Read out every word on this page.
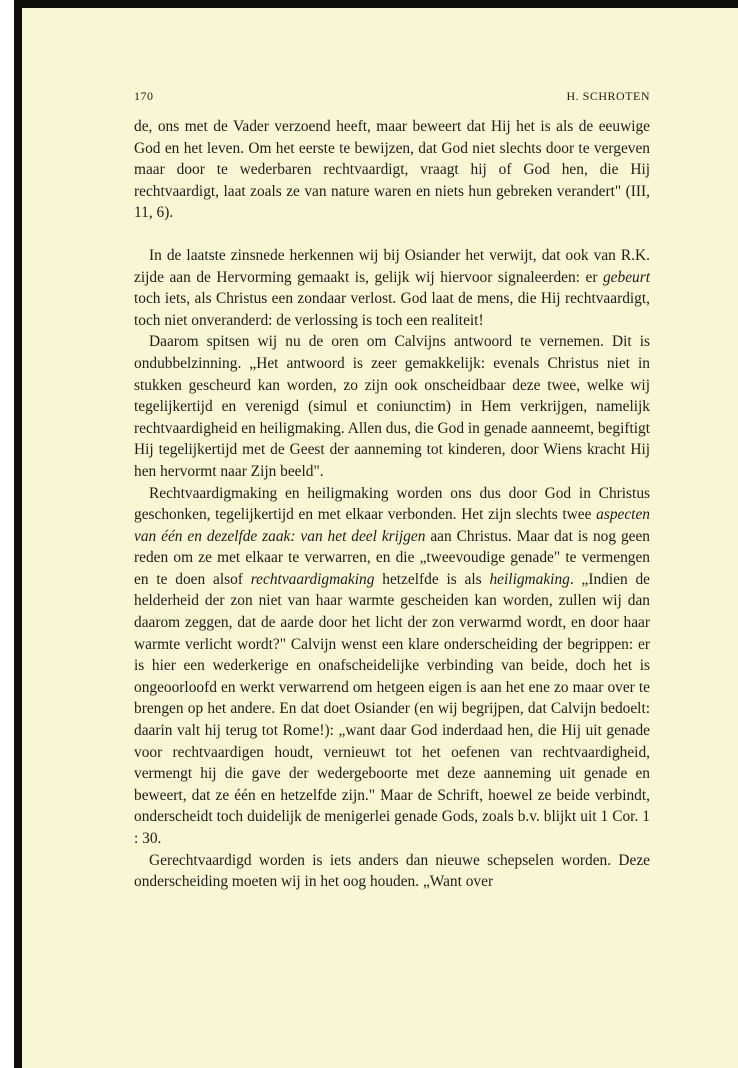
170	H. SCHROTEN

de, ons met de Vader verzoend heeft, maar beweert dat Hij het is als de eeuwige God en het leven. Om het eerste te bewijzen, dat God niet slechts door te vergeven maar door te wederbaren rechtvaardigt, vraagt hij of God hen, die Hij rechtvaardigt, laat zoals ze van nature waren en niets hun gebreken verandert" (III, 11, 6).

In de laatste zinsnede herkennen wij bij Osiander het verwijt, dat ook van R.K. zijde aan de Hervorming gemaakt is, gelijk wij hiervoor signaleerden: er gebeurt toch iets, als Christus een zondaar verlost. God laat de mens, die Hij rechtvaardigt, toch niet onveranderd: de verlossing is toch een realiteit!

Daarom spitsen wij nu de oren om Calvijns antwoord te vernemen. Dit is ondubbelzinning. „Het antwoord is zeer gemakkelijk: evenals Christus niet in stukken gescheurd kan worden, zo zijn ook onscheidbaar deze twee, welke wij tegelijkertijd en verenigd (simul et coniunctim) in Hem verkrijgen, namelijk rechtvaardigheid en heiligmaking. Allen dus, die God in genade aanneemt, begiftigt Hij tegelijkertijd met de Geest der aanneming tot kinderen, door Wiens kracht Hij hen hervormt naar Zijn beeld".

Rechtvaardigmaking en heiligmaking worden ons dus door God in Christus geschonken, tegelijkertijd en met elkaar verbonden. Het zijn slechts twee aspecten van één en dezelfde zaak: van het deel krijgen aan Christus. Maar dat is nog geen reden om ze met elkaar te verwarren, en die „tweevoudige genade" te vermengen en te doen alsof rechtvaardigmaking hetzelfde is als heiligmaking. „Indien de helderheid der zon niet van haar warmte gescheiden kan worden, zullen wij dan daarom zeggen, dat de aarde door het licht der zon verwarmd wordt, en door haar warmte verlicht wordt?" Calvijn wenst een klare onderscheiding der begrippen: er is hier een wederkerige en onafscheidelijke verbinding van beide, doch het is ongeoorloofd en werkt verwarrend om hetgeen eigen is aan het ene zo maar over te brengen op het andere. En dat doet Osiander (en wij begrijpen, dat Calvijn bedoelt: daarin valt hij terug tot Rome!): „want daar God inderdaad hen, die Hij uit genade voor rechtvaardigen houdt, vernieuwt tot het oefenen van rechtvaardigheid, vermengt hij die gave der wedergeboorte met deze aanneming uit genade en beweert, dat ze één en hetzelfde zijn." Maar de Schrift, hoewel ze beide verbindt, onderscheidt toch duidelijk de menigerlei genade Gods, zoals b.v. blijkt uit 1 Cor. 1 : 30.

Gerechtvaardigd worden is iets anders dan nieuwe schepselen worden. Deze onderscheiding moeten wij in het oog houden. „Want over
